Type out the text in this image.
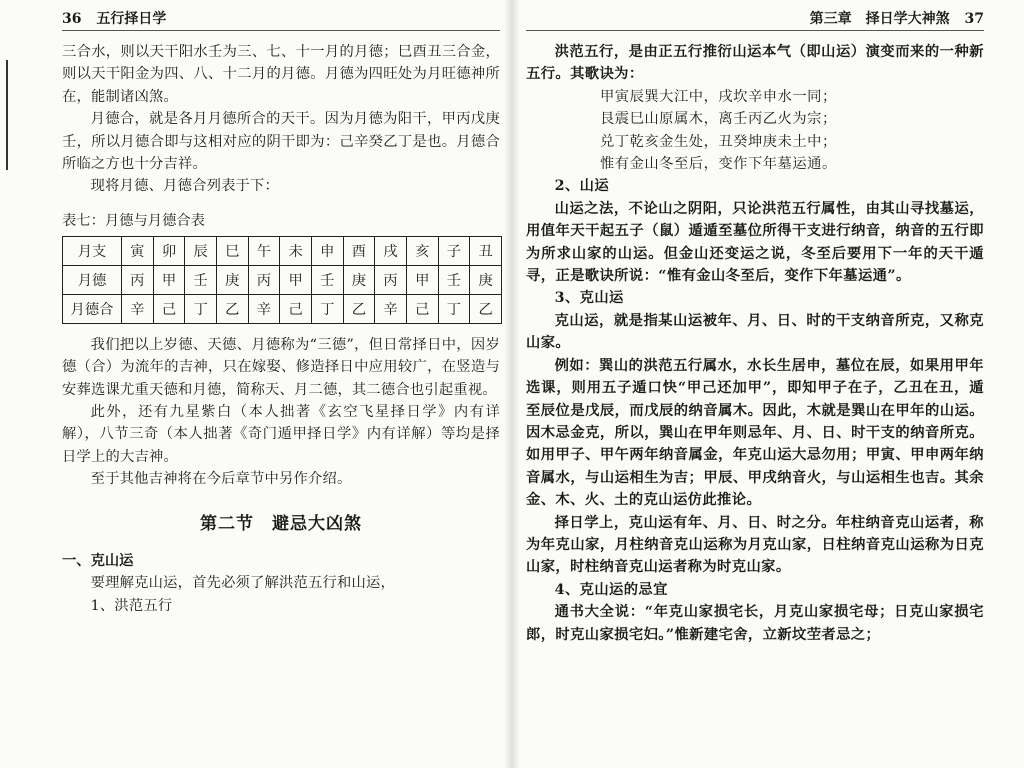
36 五行择日学

三合水，则以天干阳水壬为三、七、十一月的月德；巳酉丑三合金，则以天干阳金为四、八、十二月的月德。月德为四旺处为月旺德神所在，能制诸凶煞。

月德合，就是各月月德所合的天干。因为月德为阳干，甲丙戊庚壬，所以月德合即与这相对应的阴干即为：己辛癸乙丁是也。月德合所临之方也十分吉祥。

现将月德、月德合列表于下：

表七：月德与月德合表
月支	寅	卯	辰	巳	午	未	申	酉	戌	亥	子	丑
月德	丙	甲	壬	庚	丙	甲	壬	庚	丙	甲	壬	庚
月德合	辛	己	丁	乙	辛	己	丁	乙	辛	己	丁	乙

我们把以上岁德、天德、月德称为“三德”，但日常择日中，因岁德（合）为流年的吉神，只在嫁娶、修造择日中应用较广，在竖造与安葬选课尤重天德和月德，简称天、月二德，其二德合也引起重视。

此外，还有九星紫白（本人拙著《玄空飞星择日学》内有详解），八节三奇（本人拙著《奇门遁甲择日学》内有详解）等均是择日学上的大吉神。

至于其他吉神将在今后章节中另作介绍。

第二节　避忌大凶煞
一、克山运

要理解克山运，首先必须了解洪范五行和山运，

1、洪范五行

第三章　择日学大神煞 37

洪范五行，是由正五行推衍山运本气（即山运）演变而来的一种新五行。其歌诀为：

甲寅辰巽大江中，戌坎辛申水一同；
艮震巳山原属木，离壬丙乙火为宗；
兑丁乾亥金生处，丑癸坤庚未土中；
惟有金山冬至后，变作下年墓运通。

2、山运

山运之法，不论山之阴阳，只论洪范五行属性，由其山寻找墓运，用值年天干起五子（鼠）遁遁至墓位所得干支进行纳音，纳音的五行即为所求山家的山运。但金山还变运之说，冬至后要用下一年的天干遁寻，正是歌诀所说：“惟有金山冬至后，变作下年墓运通”。

3、克山运

克山运，就是指某山运被年、月、日、时的干支纳音所克，又称克山家。

例如：巽山的洪范五行属水，水长生居申，墓位在辰，如果用甲年选课，则用五子遁口快“甲己还加甲”，即知甲子在子，乙丑在丑，遁至辰位是戊辰，而戊辰的纳音属木。因此，木就是巽山在甲年的山运。因木忌金克，所以，巽山在甲年则忌年、月、日、时干支的纳音所克。如用甲子、甲午两年纳音属金，年克山运大忌勿用；甲寅、甲申两年纳音属水，与山运相生为吉；甲辰、甲戌纳音火，与山运相生也吉。其余金、木、火、土的克山运仿此推论。

择日学上，克山运有年、月、日、时之分。年柱纳音克山运者，称为年克山家，月柱纳音克山运称为月克山家，日柱纳音克山运称为日克山家，时柱纳音克山运者称为时克山家。

4、克山运的忌宜

通书大全说：“年克山家损宅长，月克山家损宅母；日克山家损宅郎，时克山家损宅妇。”惟新建宅舍，立新坟茔者忌之；
